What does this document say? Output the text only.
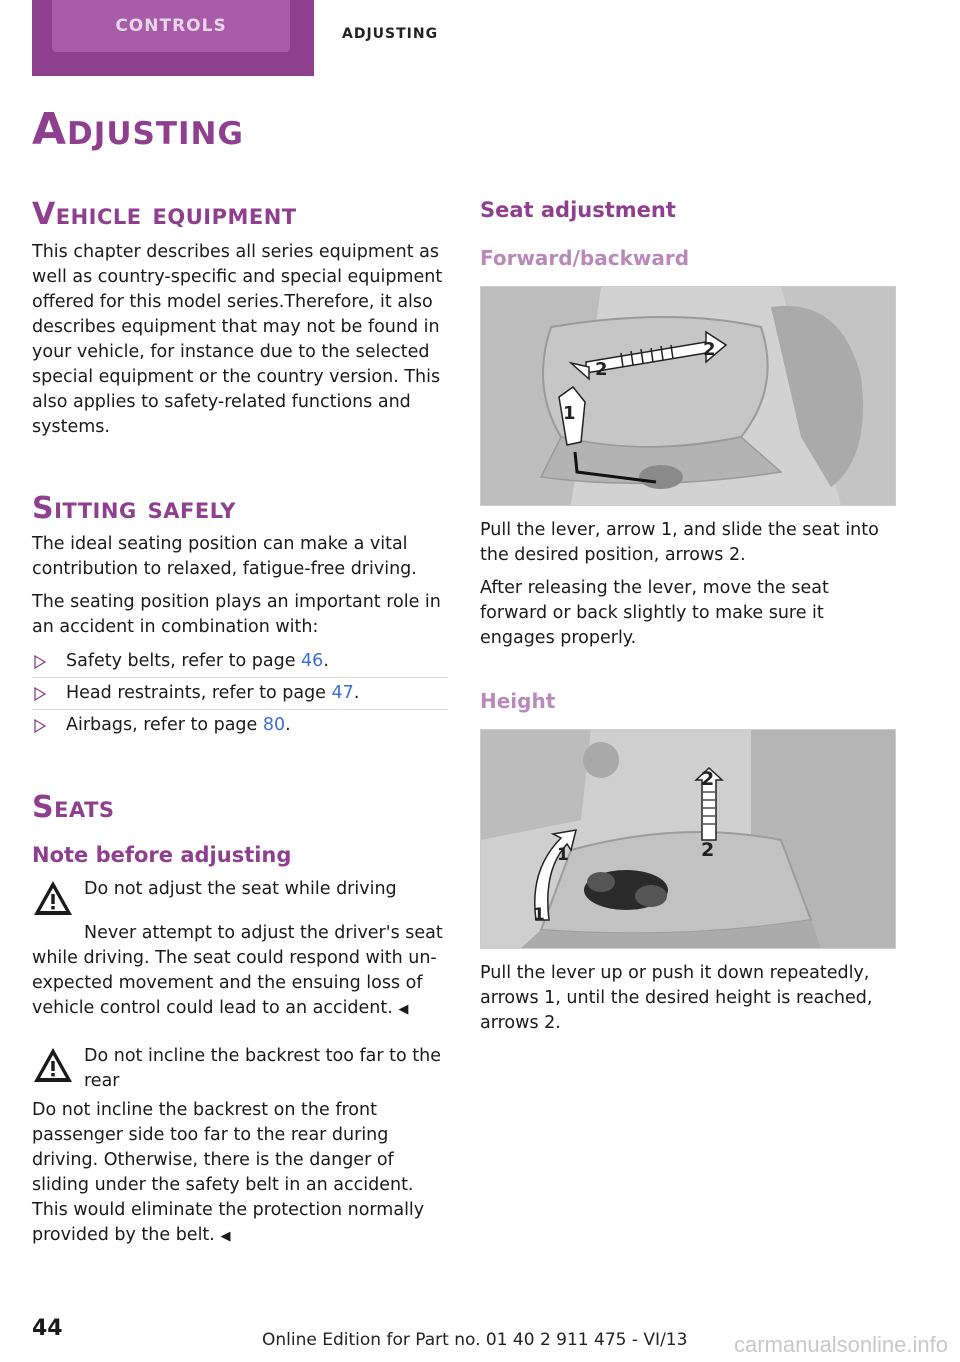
CONTROLS	ADJUSTING
Adjusting
Vehicle equipment

This chapter describes all series equipment as well as country-specific and special equipment offered for this model series.Therefore, it also describes equipment that may not be found in your vehicle, for instance due to the selected special equipment or the country version. This also applies to safety-related functions and systems.

Sitting safely

The ideal seating position can make a vital contribution to relaxed, fatigue-free driving.

The seating position plays an important role in an accident in combination with:

Safety belts, refer to page 46.
Head restraints, refer to page 47.
Airbags, refer to page 80.
Seats
Note before adjusting

Do not adjust the seat while driving

Never attempt to adjust the driver's seat while driving. The seat could respond with unexpected movement and the ensuing loss of vehicle control could lead to an accident. ◀

Do not incline the backrest too far to the rear

Do not incline the backrest on the front passenger side too far to the rear during driving. Otherwise, there is the danger of sliding under the safety belt in an accident. This would eliminate the protection normally provided by the belt. ◀

Seat adjustment
Forward/backward
2
2
1

Pull the lever, arrow 1, and slide the seat into the desired position, arrows 2.

After releasing the lever, move the seat forward or back slightly to make sure it engages properly.

Height
2
2
1
1

Pull the lever up or push it down repeatedly, arrows 1, until the desired height is reached, arrows 2.

44	Online Edition for Part no. 01 40 2 911 475 - VI/13 carmanualsonline.info
